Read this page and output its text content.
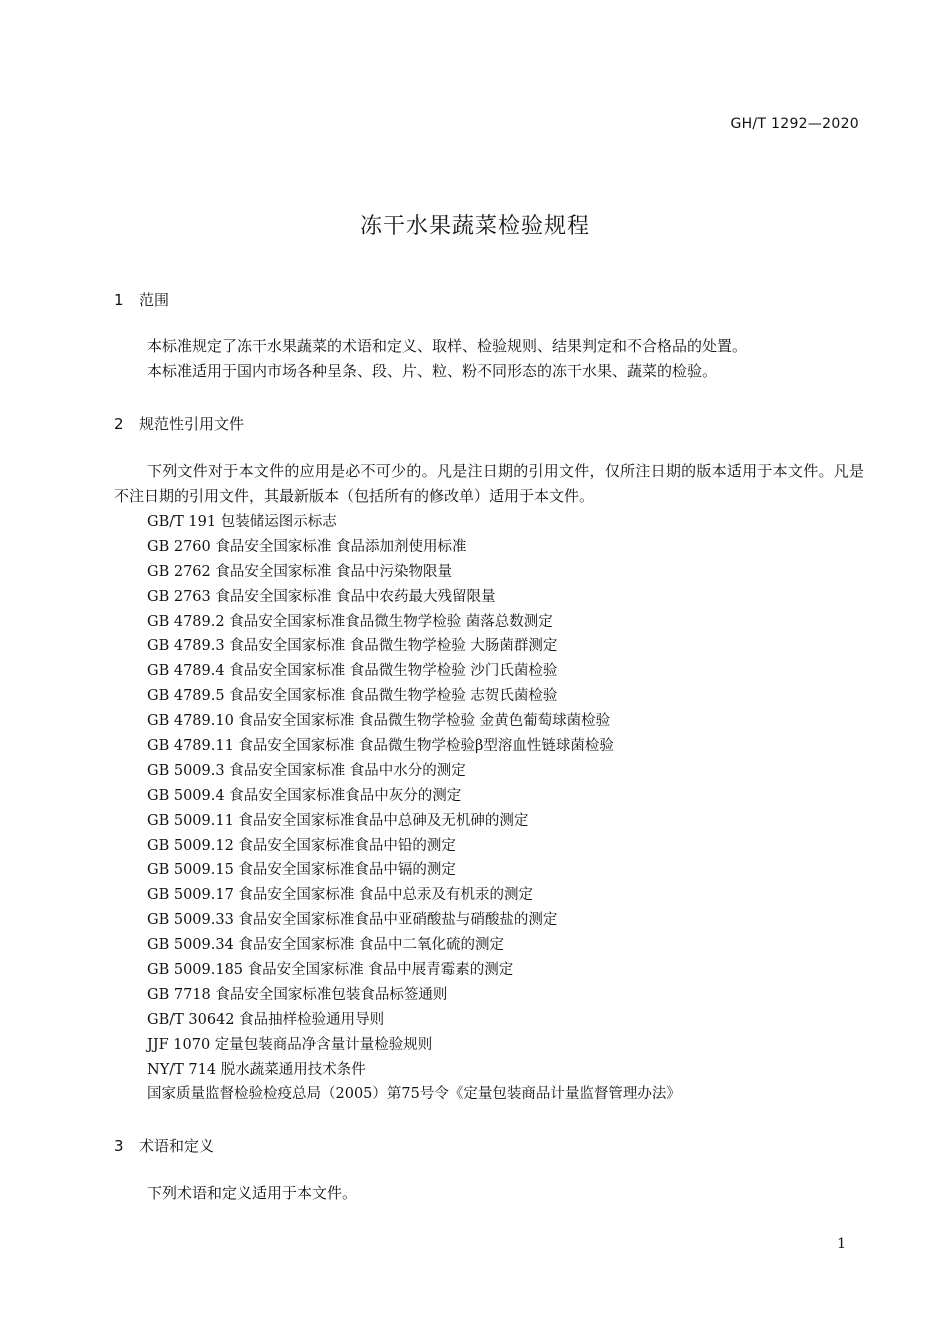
GH/T 1292—2020
冻干水果蔬菜检验规程
1 范围
本标准规定了冻干水果蔬菜的术语和定义、取样、检验规则、结果判定和不合格品的处置。
本标准适用于国内市场各种呈条、段、片、粒、粉不同形态的冻干水果、蔬菜的检验。
2 规范性引用文件
下列文件对于本文件的应用是必不可少的。凡是注日期的引用文件，仅所注日期的版本适用于本文件。凡是不注日期的引用文件，其最新版本（包括所有的修改单）适用于本文件。
GB/T 191 包装储运图示标志
GB 2760 食品安全国家标准 食品添加剂使用标准
GB 2762 食品安全国家标准 食品中污染物限量
GB 2763 食品安全国家标准 食品中农药最大残留限量
GB 4789.2 食品安全国家标准食品微生物学检验 菌落总数测定
GB 4789.3 食品安全国家标准 食品微生物学检验 大肠菌群测定
GB 4789.4 食品安全国家标准 食品微生物学检验 沙门氏菌检验
GB 4789.5 食品安全国家标准 食品微生物学检验 志贺氏菌检验
GB 4789.10 食品安全国家标准 食品微生物学检验 金黄色葡萄球菌检验
GB 4789.11 食品安全国家标准 食品微生物学检验β型溶血性链球菌检验
GB 5009.3 食品安全国家标准 食品中水分的测定
GB 5009.4 食品安全国家标准食品中灰分的测定
GB 5009.11 食品安全国家标准食品中总砷及无机砷的测定
GB 5009.12 食品安全国家标准食品中铅的测定
GB 5009.15 食品安全国家标准食品中镉的测定
GB 5009.17 食品安全国家标准 食品中总汞及有机汞的测定
GB 5009.33 食品安全国家标准食品中亚硝酸盐与硝酸盐的测定
GB 5009.34 食品安全国家标准 食品中二氧化硫的测定
GB 5009.185 食品安全国家标准 食品中展青霉素的测定
GB 7718 食品安全国家标准包装食品标签通则
GB/T 30642 食品抽样检验通用导则
JJF 1070 定量包装商品净含量计量检验规则
NY/T 714 脱水蔬菜通用技术条件
国家质量监督检验检疫总局（2005）第75号令《定量包装商品计量监督管理办法》
3 术语和定义
下列术语和定义适用于本文件。
1
